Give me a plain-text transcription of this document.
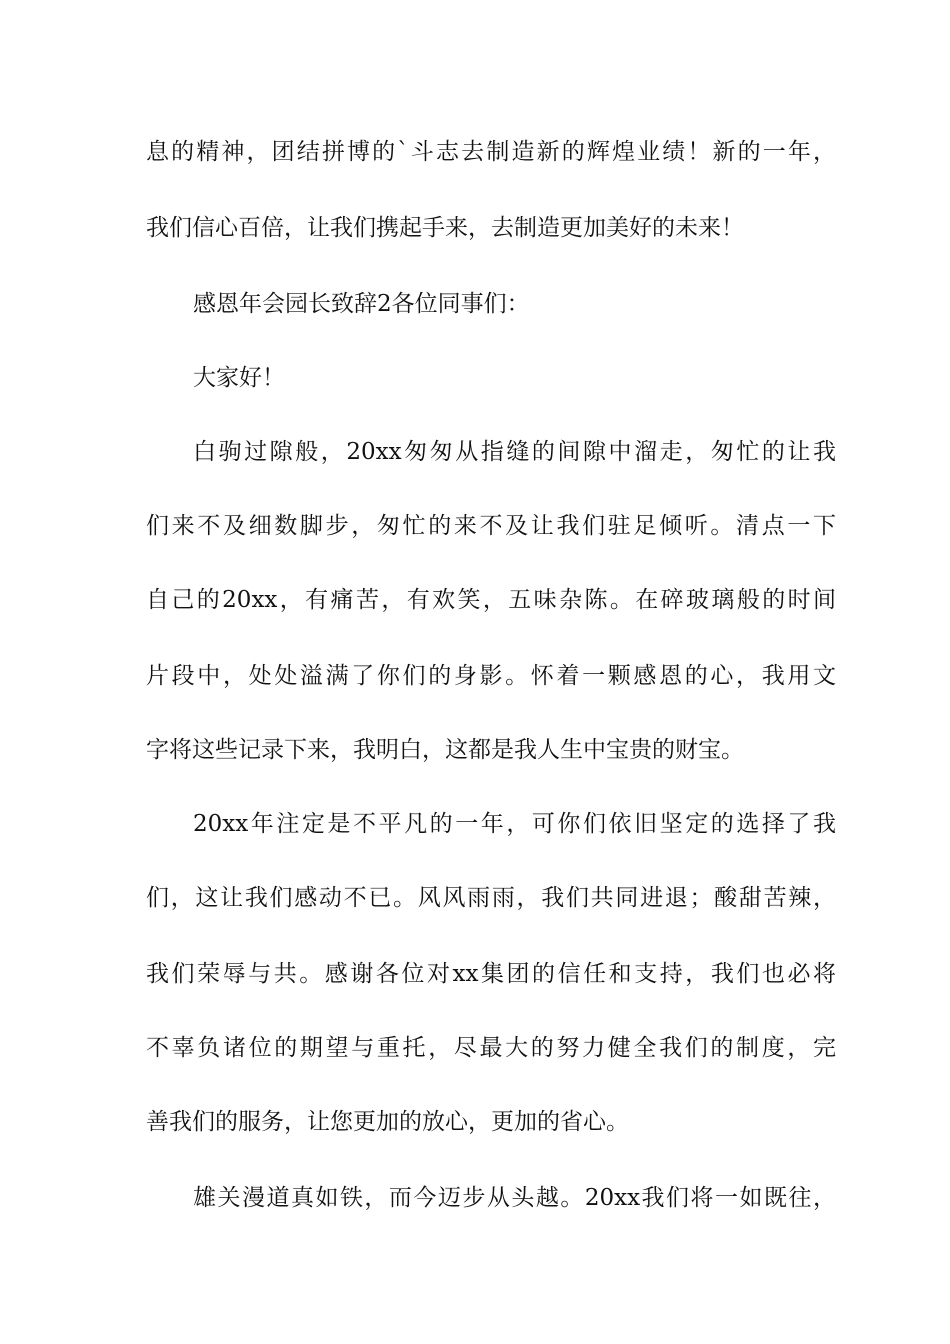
息的精神，团结拼博的`斗志去制造新的辉煌业绩！新的一年，
我们信心百倍，让我们携起手来，去制造更加美好的未来！
感恩年会园长致辞2各位同事们：
大家好！
白驹过隙般，20xx匆匆从指缝的间隙中溜走，匆忙的让我
们来不及细数脚步，匆忙的来不及让我们驻足倾听。清点一下
自己的20xx，有痛苦，有欢笑，五味杂陈。在碎玻璃般的时间
片段中，处处溢满了你们的身影。怀着一颗感恩的心，我用文
字将这些记录下来，我明白，这都是我人生中宝贵的财宝。
20xx年注定是不平凡的一年，可你们依旧坚定的选择了我
们，这让我们感动不已。风风雨雨，我们共同进退；酸甜苦辣，
我们荣辱与共。感谢各位对xx集团的信任和支持，我们也必将
不辜负诸位的期望与重托，尽最大的努力健全我们的制度，完
善我们的服务，让您更加的放心，更加的省心。
雄关漫道真如铁，而今迈步从头越。20xx我们将一如既往，
